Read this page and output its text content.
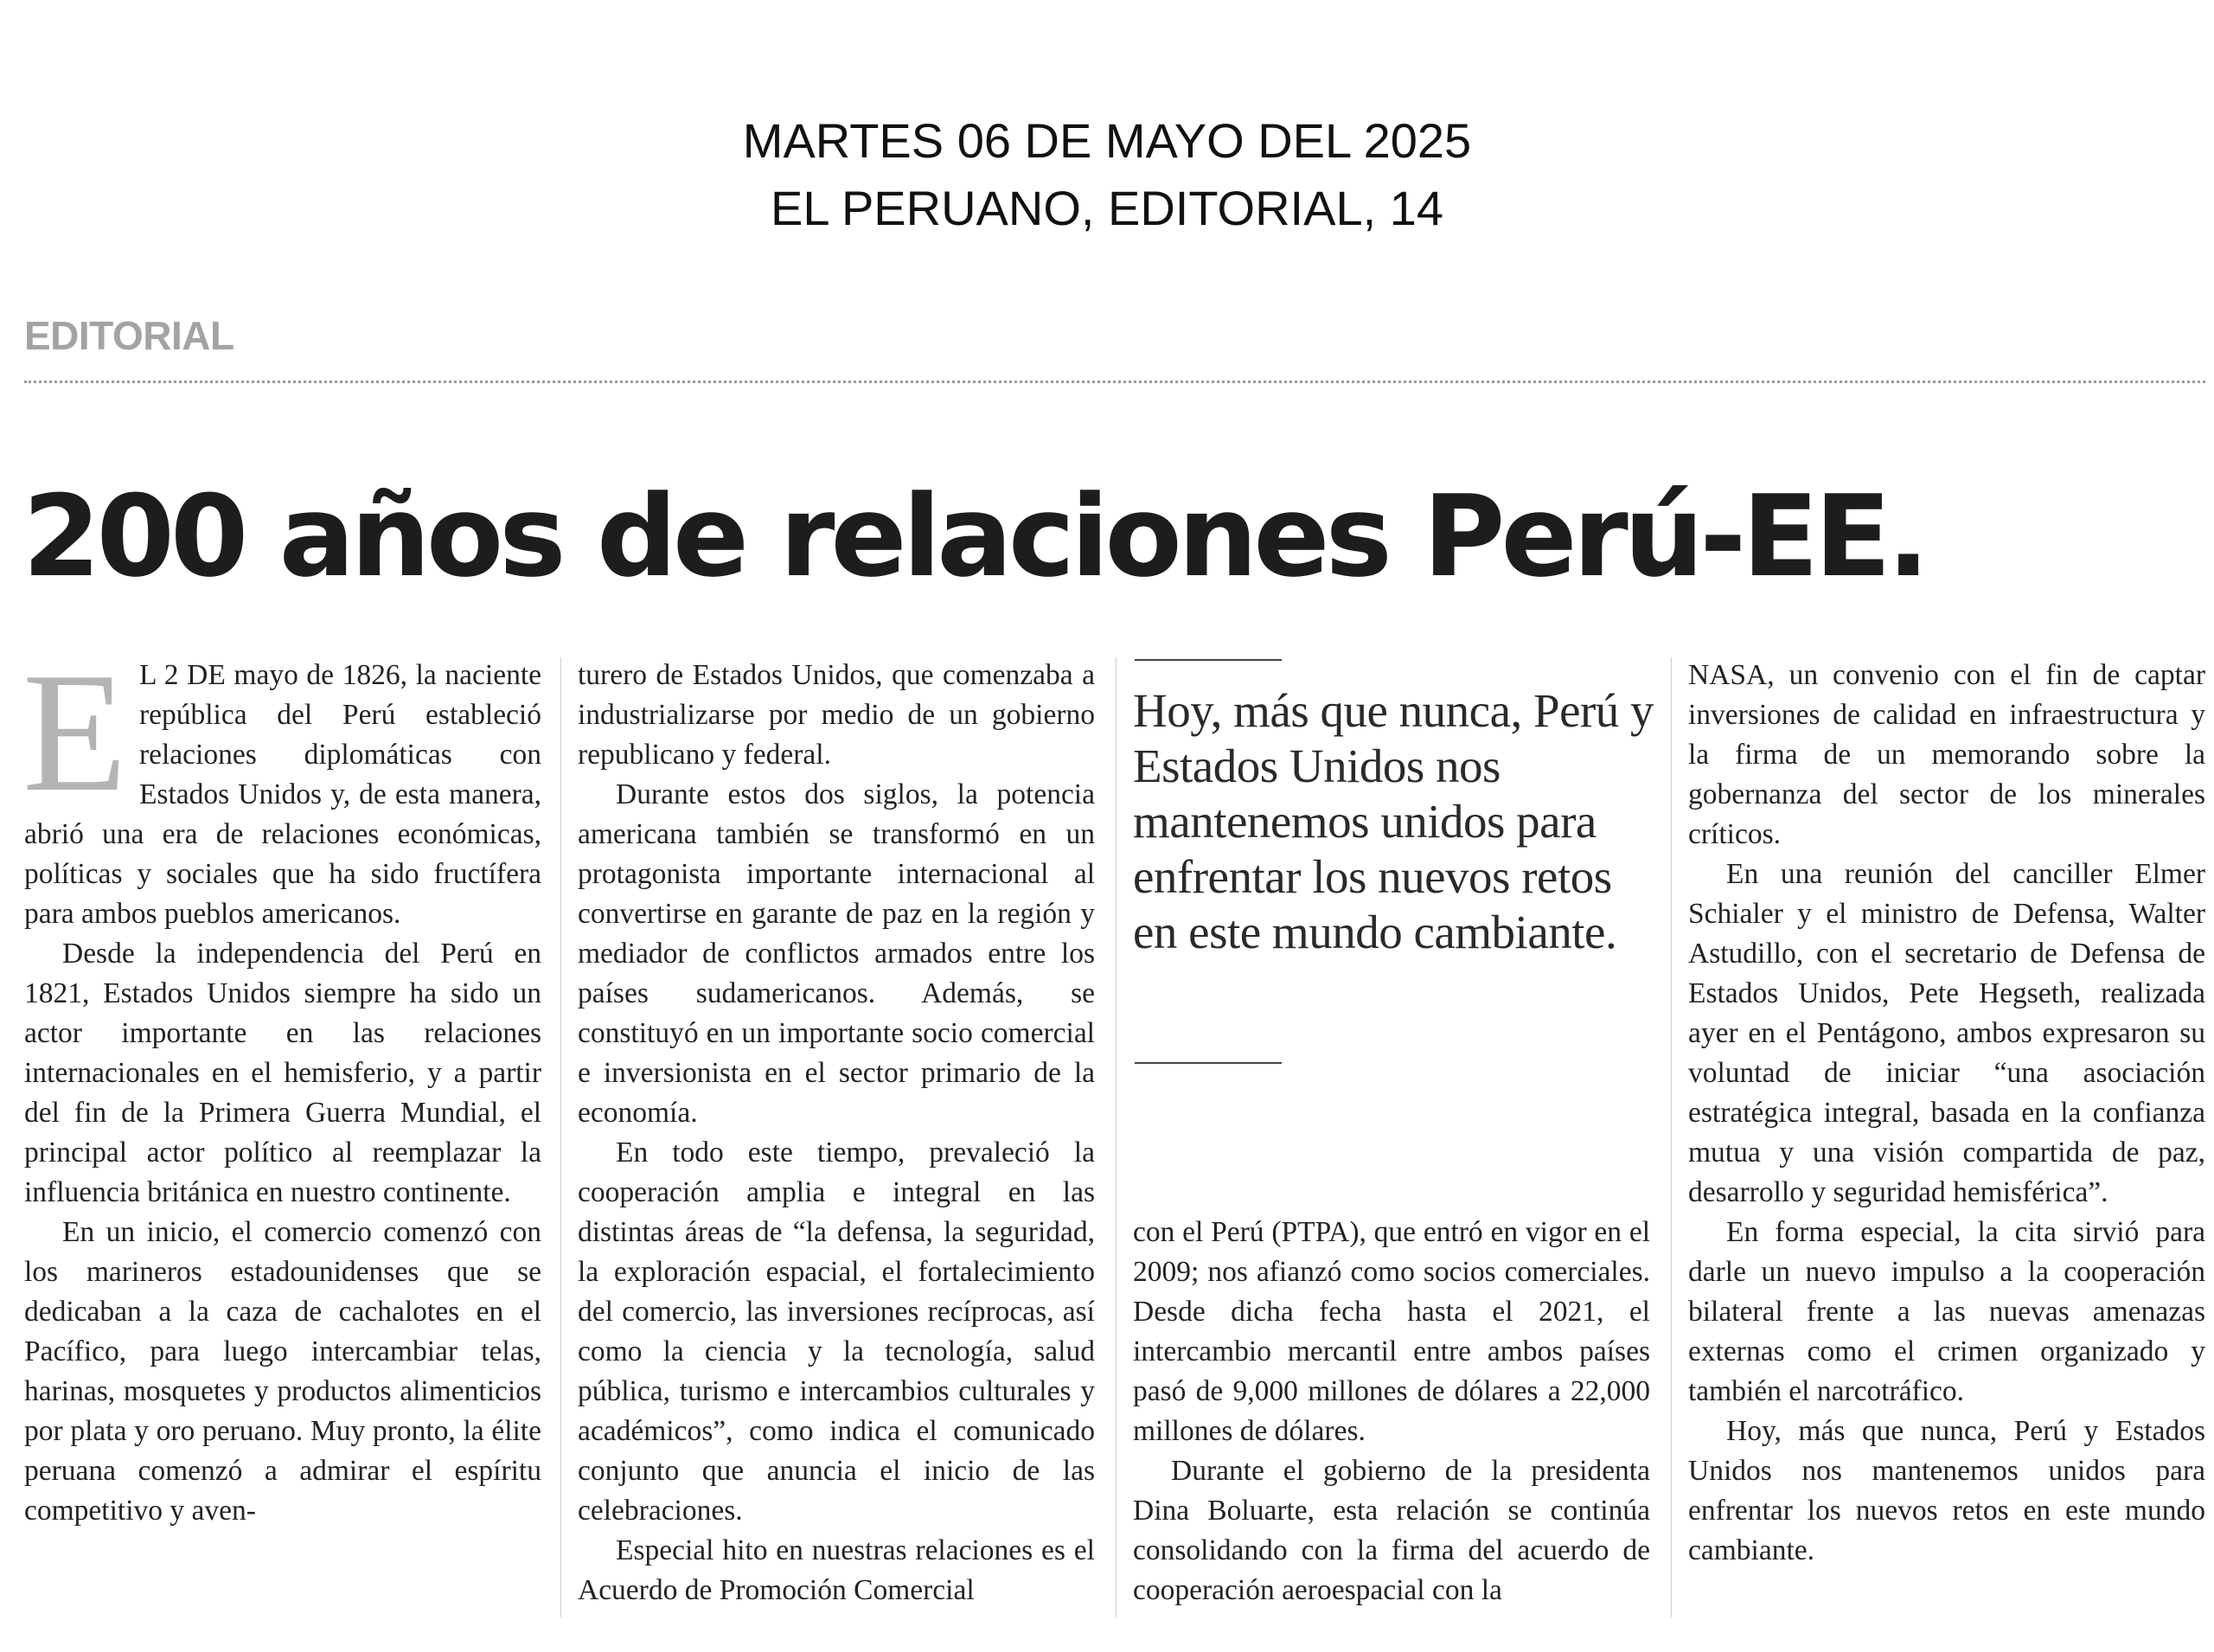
MARTES 06 DE MAYO DEL 2025
EL PERUANO, EDITORIAL, 14
EDITORIAL
200 años de relaciones Perú-EE.

E L 2 DE mayo de 1826, la naciente república del Perú estableció relaciones diplomáticas con Estados Unidos y, de esta manera, abrió una era de relaciones económicas, políticas y sociales que ha sido fructífera para ambos pueblos americanos.

Desde la independencia del Perú en 1821, Estados Unidos siempre ha sido un actor importante en las relaciones internacionales en el hemisferio, y a partir del fin de la Primera Guerra Mundial, el principal actor político al reemplazar la influencia británica en nuestro continente.

En un inicio, el comercio comenzó con los marineros estadounidenses que se dedicaban a la caza de cachalotes en el Pacífico, para luego intercambiar telas, harinas, mosquetes y productos alimenticios por plata y oro peruano. Muy pronto, la élite peruana comenzó a admirar el espíritu competitivo y aven-

turero de Estados Unidos, que comenzaba a industrializarse por medio de un gobierno republicano y federal.

Durante estos dos siglos, la potencia americana también se transformó en un protagonista importante internacional al convertirse en garante de paz en la región y mediador de conflictos armados entre los países sudamericanos. Además, se constituyó en un importante socio comercial e inversionista en el sector primario de la economía.

En todo este tiempo, prevaleció la cooperación amplia e integral en las distintas áreas de “la defensa, la seguridad, la exploración espacial, el fortalecimiento del comercio, las inversiones recíprocas, así como la ciencia y la tecnología, salud pública, turismo e intercambios culturales y académicos”, como indica el comunicado conjunto que anuncia el inicio de las celebraciones.

Especial hito en nuestras relaciones es el Acuerdo de Promoción Comercial

Hoy, más que nunca, Perú y Estados Unidos nos mantenemos unidos para enfrentar los nuevos retos en este mundo cambiante.

con el Perú (PTPA), que entró en vigor en el 2009; nos afianzó como socios comerciales. Desde dicha fecha hasta el 2021, el intercambio mercantil entre ambos países pasó de 9,000 millones de dólares a 22,000 millones de dólares.

Durante el gobierno de la presidenta Dina Boluarte, esta relación se continúa consolidando con la firma del acuerdo de cooperación aeroespacial con la

NASA, un convenio con el fin de captar inversiones de calidad en infraestructura y la firma de un memorando sobre la gobernanza del sector de los minerales críticos.

En una reunión del canciller Elmer Schialer y el ministro de Defensa, Walter Astudillo, con el secretario de Defensa de Estados Unidos, Pete Hegseth, realizada ayer en el Pentágono, ambos expresaron su voluntad de iniciar “una asociación estratégica integral, basada en la confianza mutua y una visión compartida de paz, desarrollo y seguridad hemisférica”.

En forma especial, la cita sirvió para darle un nuevo impulso a la cooperación bilateral frente a las nuevas amenazas externas como el crimen organizado y también el narcotráfico.

Hoy, más que nunca, Perú y Estados Unidos nos mantenemos unidos para enfrentar los nuevos retos en este mundo cambiante.
